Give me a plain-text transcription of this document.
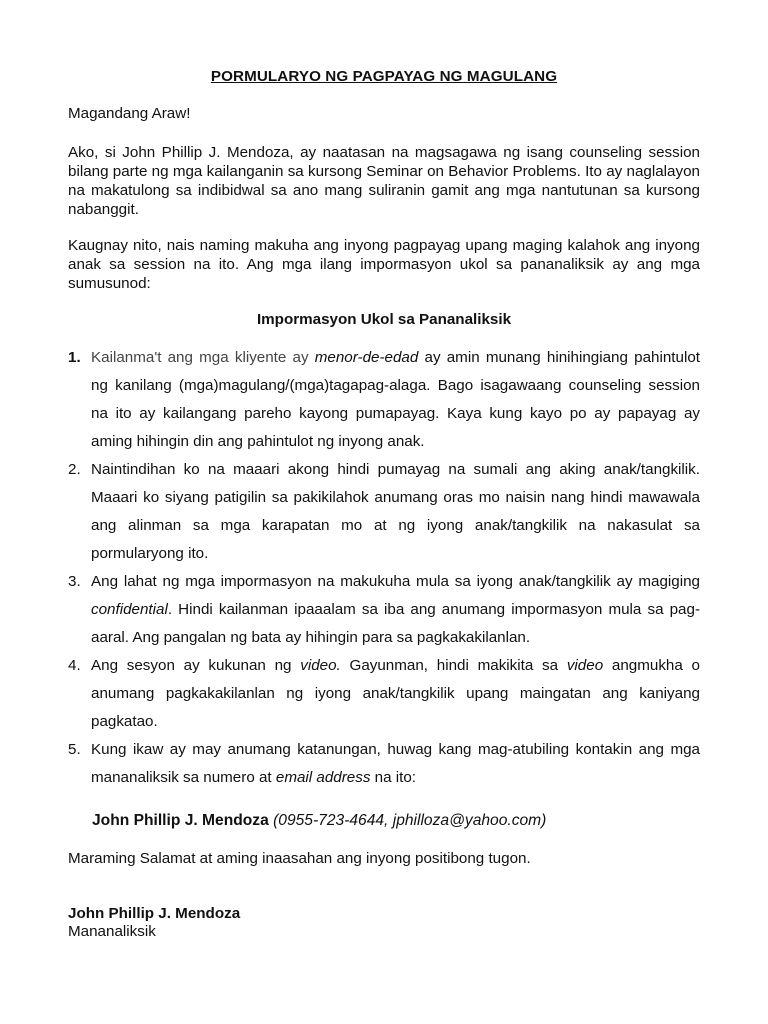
PORMULARYO NG PAGPAYAG NG MAGULANG
Magandang Araw!
Ako, si John Phillip J. Mendoza, ay naatasan na magsagawa ng isang counseling session bilang parte ng mga kailanganin sa kursong Seminar on Behavior Problems. Ito ay naglalayon na makatulong sa indibidwal sa ano mang suliranin gamit ang mga nantutunan sa kursong nabanggit.
Kaugnay nito, nais naming makuha ang inyong pagpayag upang maging kalahok ang inyong anak sa session na ito. Ang mga ilang impormasyon ukol sa pananaliksik ay ang mga sumusunod:
Impormasyon Ukol sa Pananaliksik
1. Kailanma't ang mga kliyente ay menor-de-edad ay amin munang hinihingiang pahintulot ng kanilang (mga)magulang/(mga)tagapag-alaga. Bago isagawaang counseling session na ito ay kailangang pareho kayong pumapayag. Kaya kung kayo po ay papayag ay aming hihingin din ang pahintulot ng inyong anak.
2. Naintindihan ko na maaari akong hindi pumayag na sumali ang aking anak/tangkilik. Maaari ko siyang patigilin sa pakikilahok anumang oras mo naisin nang hindi mawawala ang alinman sa mga karapatan mo at ng iyong anak/tangkilik na nakasulat sa pormularyong ito.
3. Ang lahat ng mga impormasyon na makukuha mula sa iyong anak/tangkilik ay magiging confidential. Hindi kailanman ipaaalam sa iba ang anumang impormasyon mula sa pag-aaral. Ang pangalan ng bata ay hihingin para sa pagkakakilanlan.
4. Ang sesyon ay kukunan ng video. Gayunman, hindi makikita sa video angmukha o anumang pagkakakilanlan ng iyong anak/tangkilik upang maingatan ang kaniyang pagkatao.
5. Kung ikaw ay may anumang katanungan, huwag kang mag-atubiling kontakin ang mga mananaliksik sa numero at email address na ito:
John Phillip J. Mendoza (0955-723-4644, jphilloza@yahoo.com)
Maraming Salamat at aming inaasahan ang inyong positibong tugon.
John Phillip J. Mendoza
Mananaliksik
